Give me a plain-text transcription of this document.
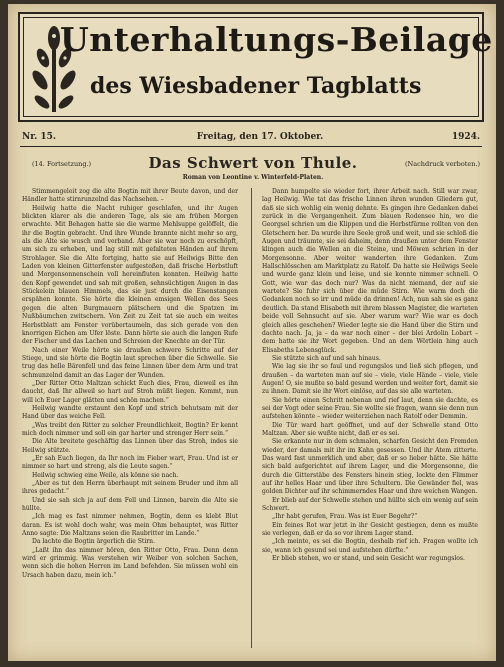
Unterhaltungs-Beilage
des Wiesbadener Tagblatts
Nr. 15.	Freitag, den 17. Oktober.	1924.
(14. Fortsetzung.)	(Nachdruck verboten.)
Das Schwert von Thule.
Roman von Leontine v. Winterfeld-Platen.

Stimmengeleit zog die alte Bogtin mit ihrer Beute davon, und der Händler hatte stirnrunzelnd das Nachsehen. –

Heilwig hatte die Nacht ruhiger geschlafen, und ihr Augen blickten klarer als die anderen Tage, als sie am frühen Morgen erwachte. Mit Behagen hatte sie die warme Mehlsuppe gelöffelt, die ihr die Bogtin gebracht. Und ihre Wunde brannte nicht mehr so arg, als die Alte sie wusch und verband. Aber sie war noch zu erschöpft, um sich zu erheben, und lag still mit gefalteten Händen auf ihrem Strohlager. Sie die Alte fortging, hatte sie auf Heilwigs Bitte den Laden von kleinen Gitterfenster aufgestoßen, daß frische Herbstluft und Morgensonnenschein voll hereinfluten konnten. Heilwig hatte den Kopf gewendet und sah mit großen, sehnsüchtigen Augen in das Stückelein blauen Himmels, das sie just durch die Eisenstangen erspähen konnte. Sie hörte die kleinen emsigen Wellen des Sees gegen die alten Burgmauern plätschern und die Spatzen im Nußbäumchen zwitschern. Von Zeit zu Zeit tat sie auch ein weites Herbstblatt am Fenster vorübertaumeln, das sich gerade von den knorrigen Eichen am Ufer löste. Dann hörte sie auch die langen Rufe der Fischer und das Lachen und Schreien der Knechte an der Tür.

Nach einer Weile hörte sie draußen schwere Schritte auf der Stiege, und sie hörte die Bogtin laut sprechen über die Schwelle. Sie trug das helle Bärenfell und das feine Linnen über dem Arm und trat schmunzelnd damit an das Lager der Wunden.

„Der Ritter Otto Maltzan schickt Euch dies, Frau, dieweil es ihn daucht, daß Ihr allweil so hart auf Stroh müßt liegen. Kommt, nun will ich Euer Lager glätten und schön machen.“

Heilwig wandte erstaunt den Kopf und strich behutsam mit der Hand über das weiche Fell.

„Was treibt den Ritter zu solcher Freundlichkeit, Bogtin? Er kennt mich doch nimmer und soll ein gar harter und strenger Herr sein.“

Die Alte breitete geschäftig das Linnen über das Stroh, indes sie Heilwig stützte.

„Er sah Euch liegen, da Ihr noch im Fieber wart, Frau. Und ist er nimmer so hart und streng, als die Leute sagen.“

Heilwig schwieg eine Weile, als könne sie nach.

„Aber es tut den Herrn überhaupt mit seinem Bruder und ihm all ihres gedacht.“

Und sie sah sich ja auf dem Fell und Linnen, barein die Alte sie hüllte.

„Ich mag es fast nimmer nehmen, Bogtin, denn es klebt Blut daran. Es ist wohl doch wahr, was mein Ohm behauptet, was Ritter Anno sagte: Die Maltzans seien die Raubritter im Lande.“

Da lachte die Bogtin ärgerlich die Stirn.

„Laßt ihn das nimmer hören, den Ritter Otto, Frau. Denn denn wird er grimmig. Was verstehen wir Weiber von solchen Sachen, wenn sich die hohen Herren im Land befehden. Sie müssen wohl ein Ursach haben dazu, mein ich.“

Dann humpelte sie wieder fort, ihrer Arbeit nach. Still war zwar, lag Heilwig. Wie tat das frische Linnen ihren wunden Gliedern gut, daß sie sich wohlig ein wenig dehnte. Es gingen ihre Gedanken dabei zurück in die Vergangenheit. Zum blauen Rodensee hin, wo die Georgsel schrien um die Klippen und die Herbstfürme rollten von den Gletschern her. Da wurde ihre Seele groß und weit, und sie schloß die Augen und träumte, sie sei daheim, denn draußen unter dem Fenster klingen auch die Wellen an die Steine, und Möwen schrien in der Morgensonne. Aber weiter wanderten ihre Gedanken. Zum Hallschlösschen am Marktplatz zu Ratolf. Da hatte sie Heilwigs Seele und wurde ganz klein und leise, und sie konnte nimmer schnell. O Gott, wie war das doch nur? Was da nicht niemand, der auf sie wartete? Sie fuhr sich über die müde Stirn. Wie warm doch die Gedanken noch so irr und müde da drinnen! Ach, nun sah sie es ganz deutlich. Da stand Elisabeth mit ihrem blassen Magister, die warteten beide voll Sehnsucht auf sie. Aber warum war? Wie war es doch gleich alles geschehen? Wieder legte sie die Hand über die Stirn und dachte nach. Ja, ja – da war noch einer – der blei Ardolin Lobart – dem hatte sie ihr Wort gegeben. Und an dem Wörtlein hing auch Elisabeths Lebensglück.

Sie stützte sich auf und sah hinaus.

Wie lag sie ihr so faul und regungslos und ließ sich pflegen, und draußen – da warteten man auf sie – viele, viele Hände – viele, viele Augen! O, sie mußte so bald gesund werden und weiter fort, damit sie zu ihnen. Damit sie ihr Wort einlöse, auf das sie alle warteten.

Sie hörte einen Schritt nebenan und rief laut, denn sie dachte, es sei der Vogt oder seine Frau. Sie wollte sie fragen, wann sie denn nun aufstehen könnte – wieder weiterziehen nach Ratolf oder Demmin.

Die Tür ward hart geöffnet, und auf der Schwelle stand Otto Maltzan. Aber sie wußte nicht, daß er es sei.

Sie erkannte nur in dem schmalen, scharfen Gesicht den Fremden wieder, der damals mit ihr im Kahn gesessen. Und ihr Atem zitterte. Das ward fast unmerklich und aber, daß er so lieber hätte. Sie hätte sich bald aufgerichtet auf ihrem Lager, und die Morgensonne, die durch die Gitterstäbe des Fensters hinein stieg, lockte den Flimmer auf ihr helles Haar und über ihre Schultern. Die Gewänder fiel, was golden Dichter auf ihr schimmerndes Haar und ihre weichen Wangen.

Er blieb auf der Schwelle stehen und hüllte sich ein wenig auf sein Schwert.

„Ihr habt gerufen, Frau. Was ist Euer Begehr?“

Ein feines Rot war jetzt in ihr Gesicht gestiegen, denn es mußte sie verlegen, daß er da so vor ihrem Lager stand.

„Ich meinte, es sei die Bogtin, deshalb rief ich. Fragen wollte ich sie, wann ich gesund sei und aufstehen dürfte.“

Er blieb stehen, wo er stand, und sein Gesicht war regungslos.
